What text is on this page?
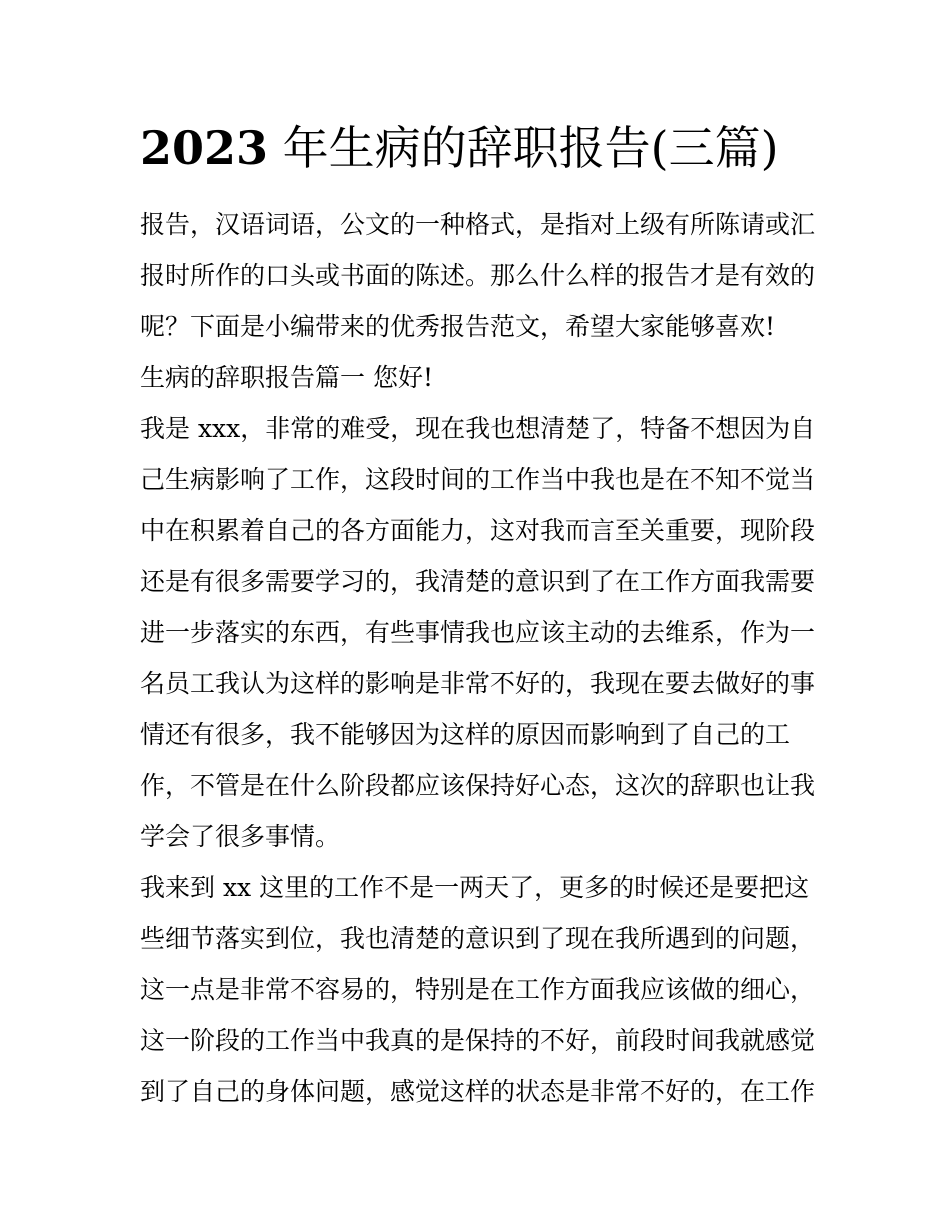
2023 年生病的辞职报告(三篇)
报告，汉语词语，公文的一种格式，是指对上级有所陈请或汇
报时所作的口头或书面的陈述。那么什么样的报告才是有效的
呢？下面是小编带来的优秀报告范文，希望大家能够喜欢!
生病的辞职报告篇一 您好!
我是 xxx，非常的难受，现在我也想清楚了，特备不想因为自
己生病影响了工作，这段时间的工作当中我也是在不知不觉当
中在积累着自己的各方面能力，这对我而言至关重要，现阶段
还是有很多需要学习的，我清楚的意识到了在工作方面我需要
进一步落实的东西，有些事情我也应该主动的去维系，作为一
名员工我认为这样的影响是非常不好的，我现在要去做好的事
情还有很多，我不能够因为这样的原因而影响到了自己的工
作，不管是在什么阶段都应该保持好心态，这次的辞职也让我
学会了很多事情。
我来到 xx 这里的工作不是一两天了，更多的时候还是要把这
些细节落实到位，我也清楚的意识到了现在我所遇到的问题，
这一点是非常不容易的，特别是在工作方面我应该做的细心，
这一阶段的工作当中我真的是保持的不好，前段时间我就感觉
到了自己的身体问题，感觉这样的状态是非常不好的，在工作
